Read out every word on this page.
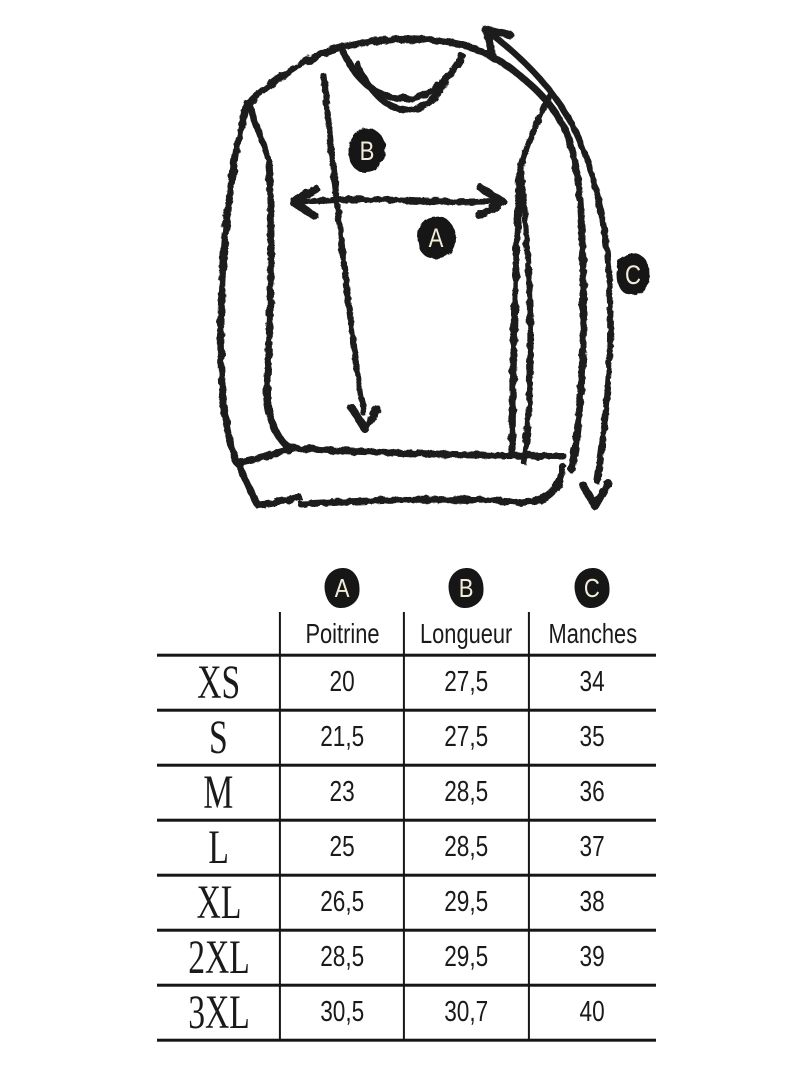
A
B
C
A	B	C
Poitrine Longueur Manches
XS	20	27,5	34
S	21,5	27,5	35
M	23	28,5	36
L	25	28,5	37
XL	26,5	29,5	38
2XL 28,5	29,5	39
3XL 30,5	30,7	40
